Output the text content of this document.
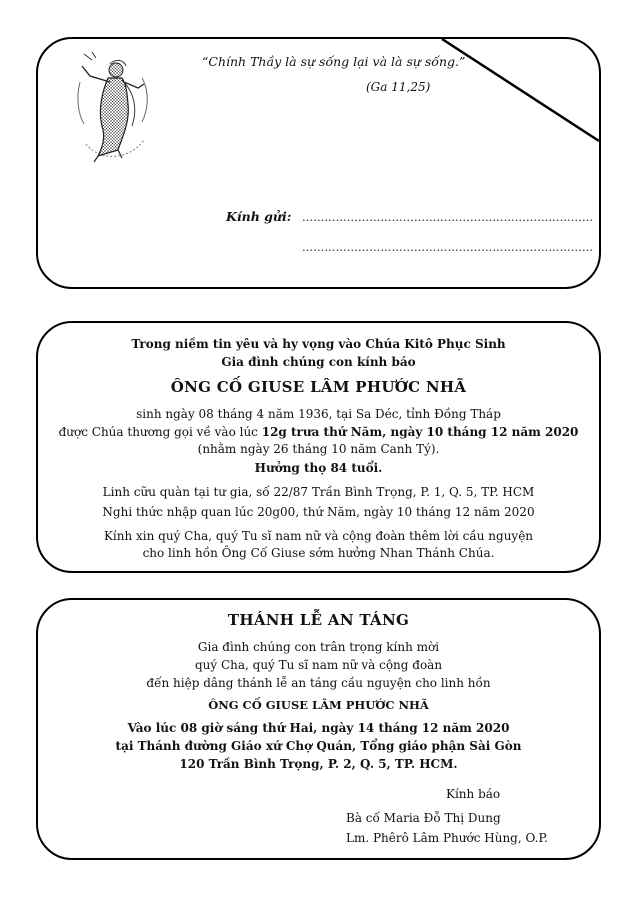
“Chính Thầy là sự sống lại và là sự sống.”
(Ga 11,25)
Kính gửi: ……………………………………………………………………
……………………………………………………………………
Trong niềm tin yêu và hy vọng vào Chúa Kitô Phục Sinh
Gia đình chúng con kính báo
ÔNG CỐ GIUSE LÂM PHƯỚC NHÃ
sinh ngày 08 tháng 4 năm 1936, tại Sa Déc, tỉnh Đồng Tháp
được Chúa thương gọi về vào lúc 12g trưa thứ Năm, ngày 10 tháng 12 năm 2020
(nhằm ngày 26 tháng 10 năm Canh Tý).
Hưởng thọ 84 tuổi.
Linh cữu quàn tại tư gia, số 22/87 Trần Bình Trọng, P. 1, Q. 5, TP. HCM
Nghi thức nhập quan lúc 20g00, thứ Năm, ngày 10 tháng 12 năm 2020
Kính xin quý Cha, quý Tu sĩ nam nữ và cộng đoàn thêm lời cầu nguyện
cho linh hồn Ông Cố Giuse sớm hưởng Nhan Thánh Chúa.
THÁNH LỄ AN TÁNG
Gia đình chúng con trân trọng kính mời
quý Cha, quý Tu sĩ nam nữ và cộng đoàn
đến hiệp dâng thánh lễ an táng cầu nguyện cho linh hồn
ÔNG CỐ GIUSE LÂM PHƯỚC NHÃ
Vào lúc 08 giờ sáng thứ Hai, ngày 14 tháng 12 năm 2020
tại Thánh đường Giáo xứ Chợ Quán, Tổng giáo phận Sài Gòn
120 Trần Bình Trọng, P. 2, Q. 5, TP. HCM.
Kính báo
Bà cố Maria Đỗ Thị Dung
Lm. Phêrô Lâm Phước Hùng, O.P.
